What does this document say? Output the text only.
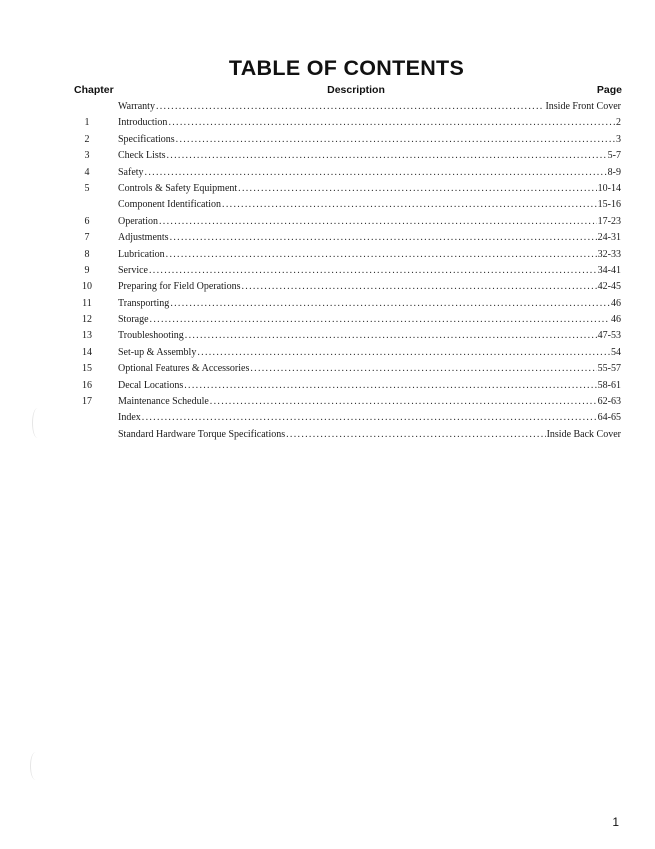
TABLE OF CONTENTS
Chapter	Description	Page
Warranty . . .	Inside Front Cover
1	Introduction . . .	2
2	Specifications . . .	3
3	Check Lists . . .	5-7
4	Safety . . .	8-9
5	Controls & Safety Equipment . . .	10-14
Component Identification . . .	15-16
6	Operation . . .	17-23
7	Adjustments . . .	24-31
8	Lubrication . . .	32-33
9	Service . . .	34-41
10	Preparing for Field Operations . . .	42-45
11	Transporting . . .	46
12	Storage . . .	46
13	Troubleshooting . . .	47-53
14	Set-up & Assembly . . .	54
15	Optional Features & Accessories . . .	55-57
16	Decal Locations . . .	58-61
17	Maintenance Schedule . . .	62-63
Index . . .	64-65
Standard Hardware Torque Specifications . . .	Inside Back Cover
1
